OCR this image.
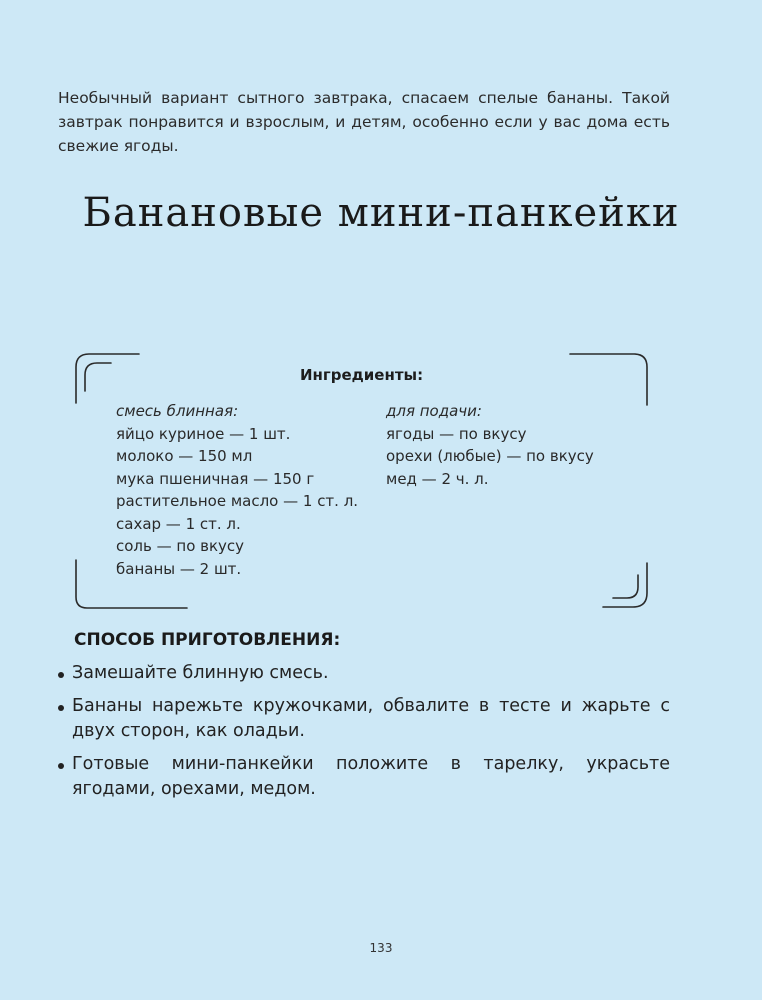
Необычный вариант сытного завтрака, спасаем спелые бананы. Такой завтрак понравится и взрослым, и детям, особенно если у вас дома есть свежие ягоды.
Банановые мини-панкейки
Ингредиенты:
смесь блинная:
яйцо куриное — 1 шт.
молоко — 150 мл
мука пшеничная — 150 г
растительное масло — 1 ст. л.
сахар — 1 ст. л.
соль — по вкусу
бананы — 2 шт.
для подачи:
ягоды — по вкусу
орехи (любые) — по вкусу
мед — 2 ч. л.
СПОСОБ ПРИГОТОВЛЕНИЯ:
Замешайте блинную смесь.
Бананы нарежьте кружочками, обвалите в тесте и жарьте с двух сторон, как оладьи.
Готовые мини-панкейки положите в тарелку, украсьте ягодами, орехами, медом.
133
